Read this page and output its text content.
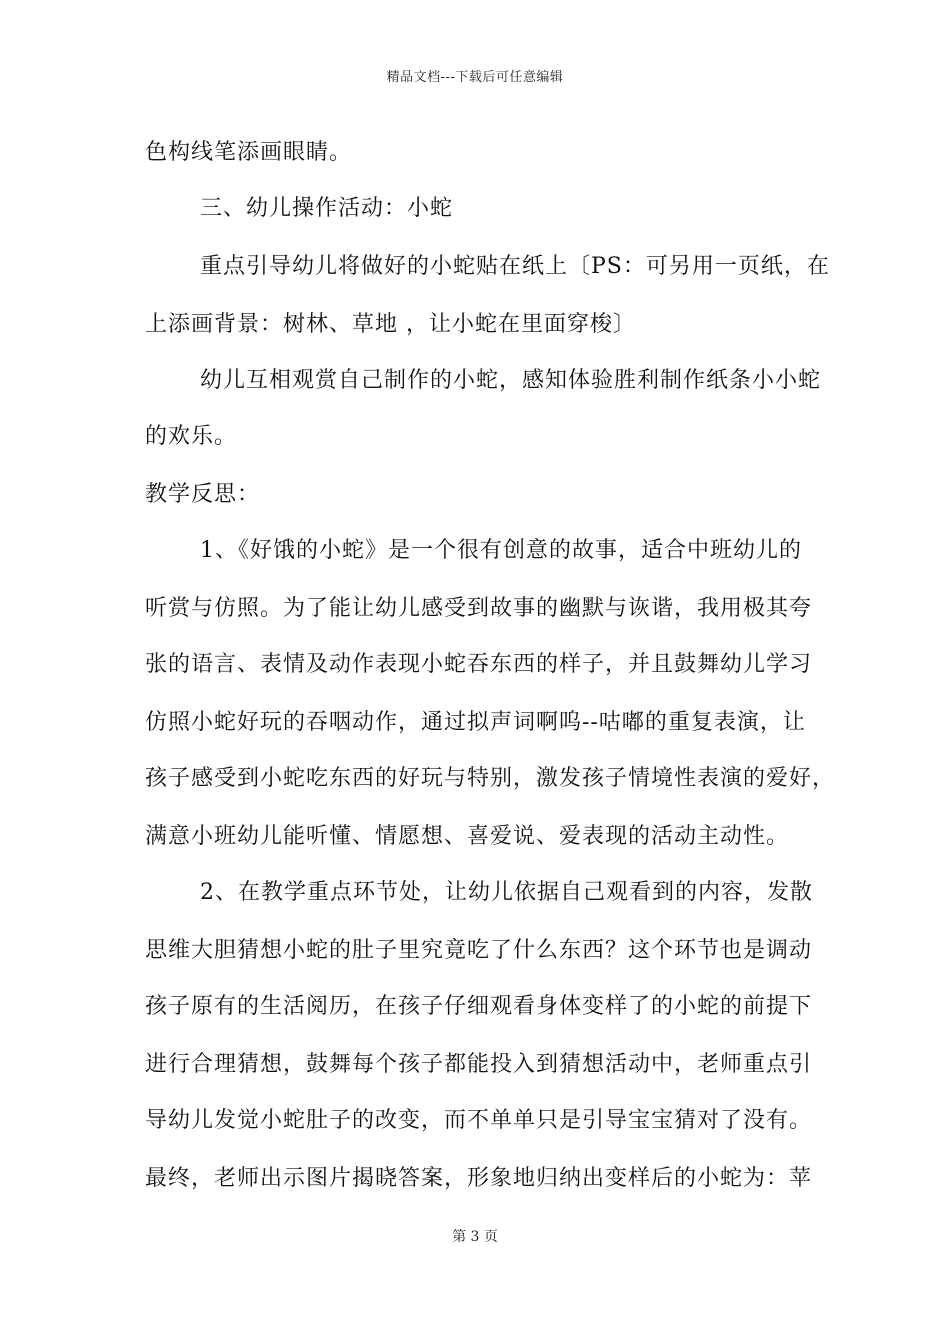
精品文档---下载后可任意编辑
色构线笔添画眼睛。
三、幼儿操作活动：小蛇
重点引导幼儿将做好的小蛇贴在纸上〔PS：可另用一页纸，在
上添画背景：树林、草地 ，让小蛇在里面穿梭〕
幼儿互相观赏自己制作的小蛇，感知体验胜利制作纸条小小蛇
的欢乐。
教学反思：
1、《好饿的小蛇》是一个很有创意的故事，适合中班幼儿的
听赏与仿照。为了能让幼儿感受到故事的幽默与诙谐，我用极其夸
张的语言、表情及动作表现小蛇吞东西的样子，并且鼓舞幼儿学习
仿照小蛇好玩的吞咽动作，通过拟声词啊呜--咕嘟的重复表演，让
孩子感受到小蛇吃东西的好玩与特别，激发孩子情境性表演的爱好，
满意小班幼儿能听懂、情愿想、喜爱说、爱表现的活动主动性。
2、在教学重点环节处，让幼儿依据自己观看到的内容，发散
思维大胆猜想小蛇的肚子里究竟吃了什么东西？这个环节也是调动
孩子原有的生活阅历，在孩子仔细观看身体变样了的小蛇的前提下
进行合理猜想，鼓舞每个孩子都能投入到猜想活动中，老师重点引
导幼儿发觉小蛇肚子的改变，而不单单只是引导宝宝猜对了没有。
最终，老师出示图片揭晓答案，形象地归纳出变样后的小蛇为：苹
第 3 页
